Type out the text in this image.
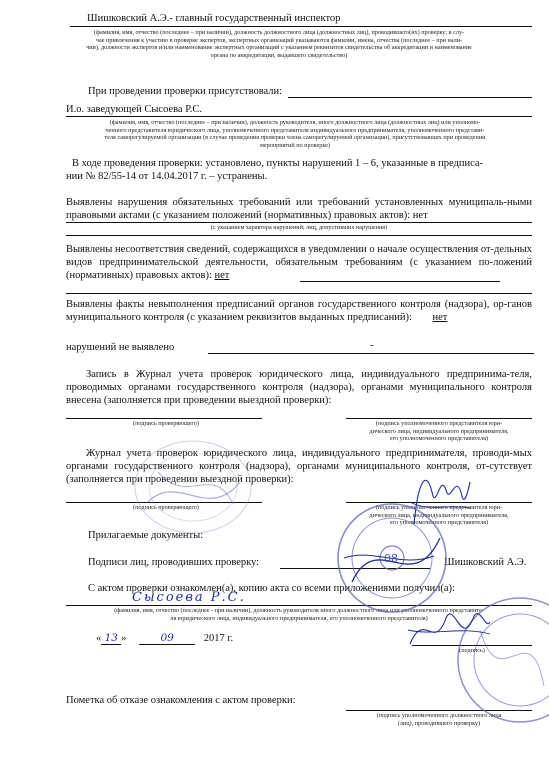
Шишковский А.Э.- главный государственный инспектор
(фамилия, имя, отчество (последнее – при наличии), должность должностного лица (должностных лиц), проводившего(их) проверку; в слу-
чае привлечения к участию в проверке экспертов, экспертных организаций указываются фамилии, имена, отчества (последнее – при нали-
чии), должности экспертов и/или наименование экспертных организаций с указанием реквизитов свидетельства об аккредитации и наименование
органа по аккредитации, выдавшего свидетельство)
При проведении проверки присутствовали:
И.о. заведующей Сысоева Р.С.
(фамилия, имя, отчество (последнее – при наличии), должность руководителя, иного должностного лица (должностных лиц) или уполномо-
ченного представителя юридического лица, уполномоченного представителя индивидуального предпринимателя, уполномоченного представи-
теля саморегулируемой организации (в случае проведения проверки члена саморегулируемой организации), присутствовавших при проведении
мероприятий по проверке)
В ходе проведения проверки: установлено, пункты нарушений 1 – 6, указанные в предписа-
нии № 82/55-14 от 14.04.2017 г. – устранены.
Выявлены нарушения обязательных требований или требований установленных муниципаль-ными правовыми актами (с указанием положений (нормативных) правовых актов): нет
(с указанием характера нарушений; лиц, допустивших нарушения)
Выявлены несоответствия сведений, содержащихся в уведомлении о начале осуществления от-дельных видов предпринимательской деятельности, обязательным требованиям (с указанием по-ложений (нормативных) правовых актов): нет
Выявлены факты невыполнения предписаний органов государственного контроля (надзора), ор-ганов муниципального контроля (с указанием реквизитов выданных предписаний): нет
нарушений не выявлено	-
Запись в Журнал учета проверок юридического лица, индивидуального предпринима-теля, проводимых органами государственного контроля (надзора), органами муниципального контроля внесена (заполняется при проведении выездной проверки):
(подпись проверяющего)	(подпись уполномоченного представителя юри-
дического лица, индивидуального предпринимателя,
его уполномоченного представителя)
Журнал учета проверок юридического лица, индивидуального предпринимателя, проводи-мых органами государственного контроля (надзора), органами муниципального контроля, от-сутствует (заполняется при проведении выездной проверки):
(подпись проверяющего)	(подпись уполномоченного представителя юри-
дического лица, индивидуального предпринимателя,
его уполномоченного представителя)
Прилагаемые документы:
Подписи лиц, проводивших проверку:	Шишковский А.Э.
С актом проверки ознакомлен(а), копию акта со всеми приложениями получил(а):
Сысоева Р.С.
(фамилия, имя, отчество (последнее - при наличии), должность руководителя иного должностного лица или уполномоченного представите-
ля юридического лица, индивидуального предпринимателя, его уполномоченного представителя)
« 13 »	09	2017 г.
(подпись)
Пометка об отказе ознакомления с актом проверки:
(подпись уполномоченного должностного лица
(лиц), проводившего проверку)
08
